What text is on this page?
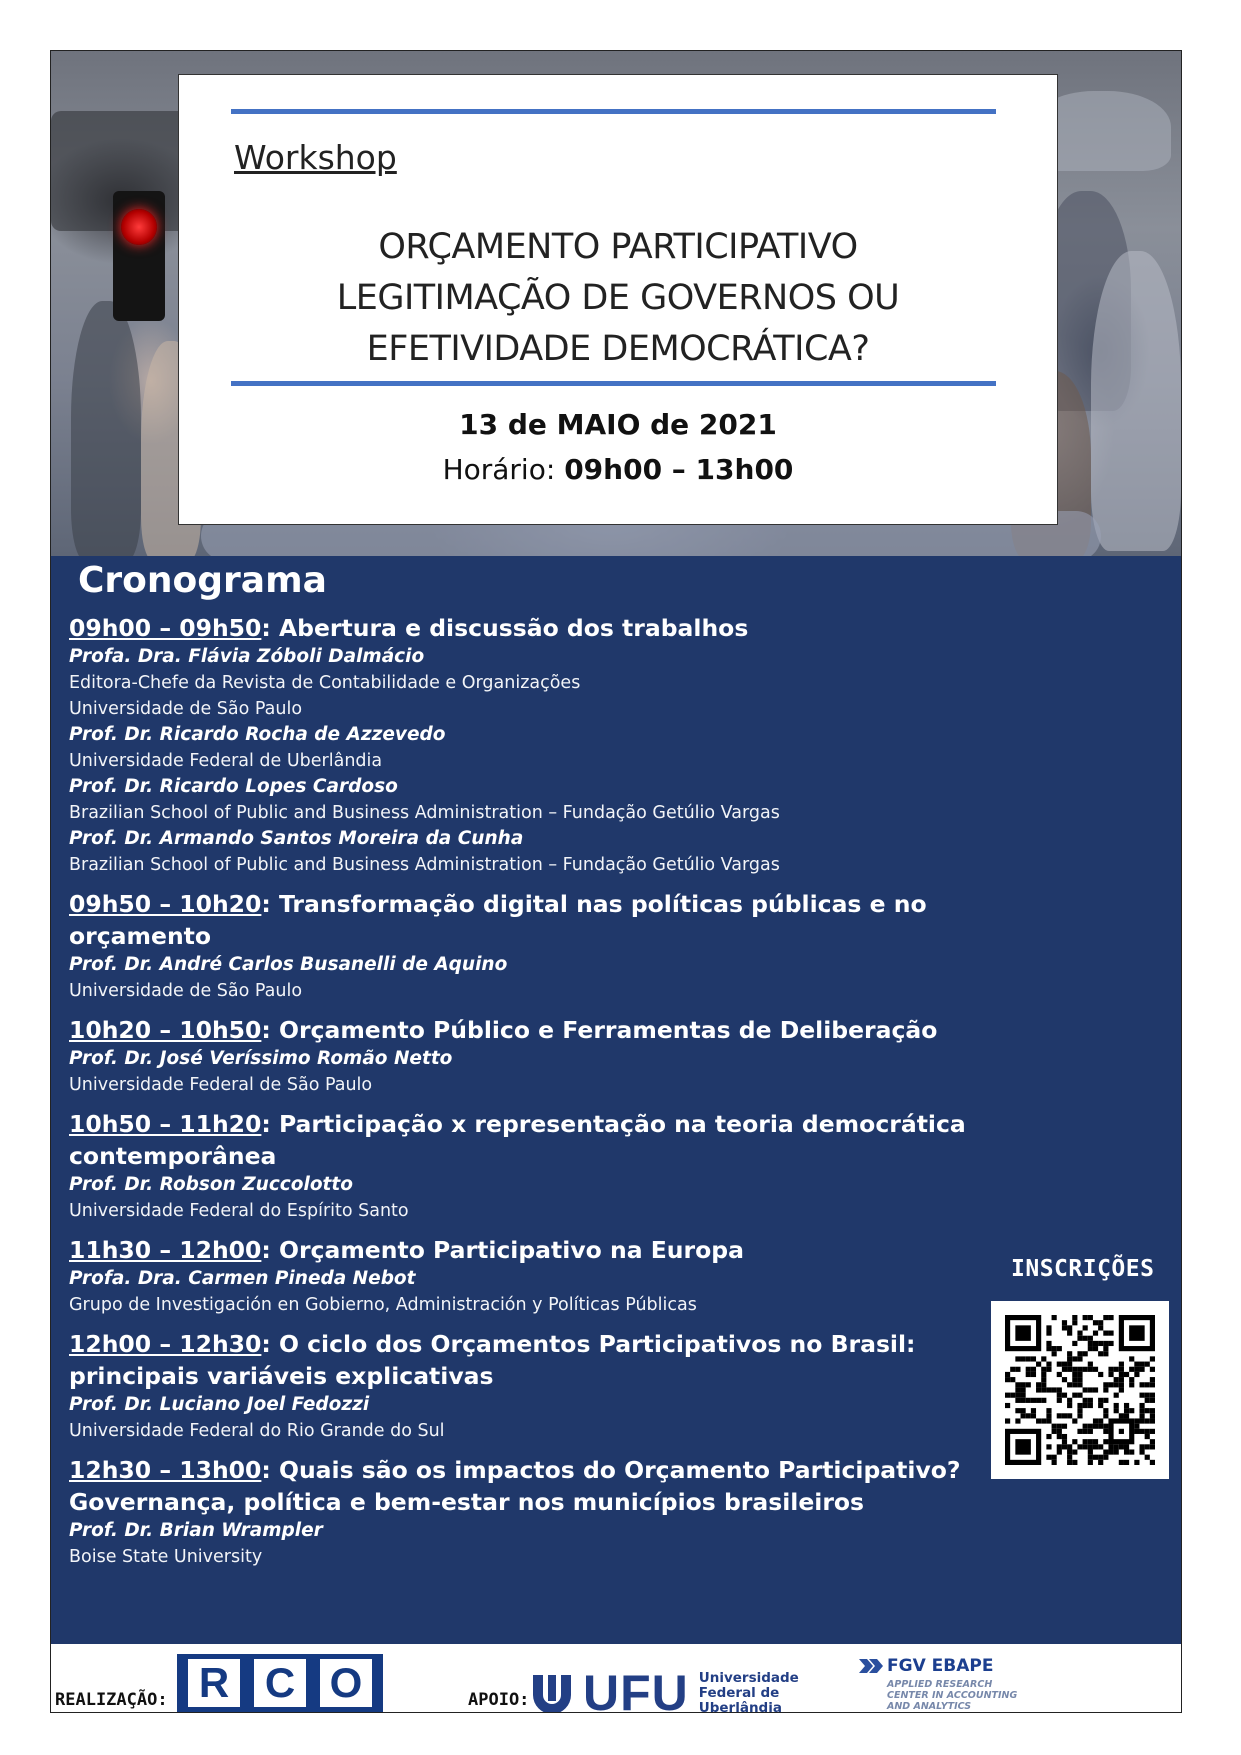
Workshop
ORÇAMENTO PARTICIPATIVO
LEGITIMAÇÃO DE GOVERNOS OU
EFETIVIDADE DEMOCRÁTICA?
13 de MAIO de 2021
Horário: 09h00 – 13h00
Cronograma
09h00 – 09h50: Abertura e discussão dos trabalhos
Profa. Dra. Flávia Zóboli Dalmácio
Editora-Chefe da Revista de Contabilidade e Organizações
Universidade de São Paulo
Prof. Dr. Ricardo Rocha de Azzevedo
Universidade Federal de Uberlândia
Prof. Dr. Ricardo Lopes Cardoso
Brazilian School of Public and Business Administration – Fundação Getúlio Vargas
Prof. Dr. Armando Santos Moreira da Cunha
Brazilian School of Public and Business Administration – Fundação Getúlio Vargas
09h50 – 10h20: Transformação digital nas políticas públicas e no orçamento
Prof. Dr. André Carlos Busanelli de Aquino
Universidade de São Paulo
10h20 – 10h50: Orçamento Público e Ferramentas de Deliberação
Prof. Dr. José Veríssimo Romão Netto
Universidade Federal de São Paulo
10h50 – 11h20: Participação x representação na teoria democrática contemporânea
Prof. Dr. Robson Zuccolotto
Universidade Federal do Espírito Santo
11h30 – 12h00: Orçamento Participativo na Europa
Profa. Dra. Carmen Pineda Nebot
Grupo de Investigación en Gobierno, Administración y Políticas Públicas
12h00 – 12h30: O ciclo dos Orçamentos Participativos no Brasil: principais variáveis explicativas
Prof. Dr. Luciano Joel Fedozzi
Universidade Federal do Rio Grande do Sul
12h30 – 13h00: Quais são os impactos do Orçamento Participativo? Governança, política e bem-estar nos municípios brasileiros
Prof. Dr. Brian Wrampler
Boise State University
INSCRIÇÕES
REALIZAÇÃO: R C O	APOIO: UFU Universidade
Federal de
Uberlândia
FGV EBAPE
APPLIED RESEARCH
CENTER IN ACCOUNTING
AND ANALYTICS
